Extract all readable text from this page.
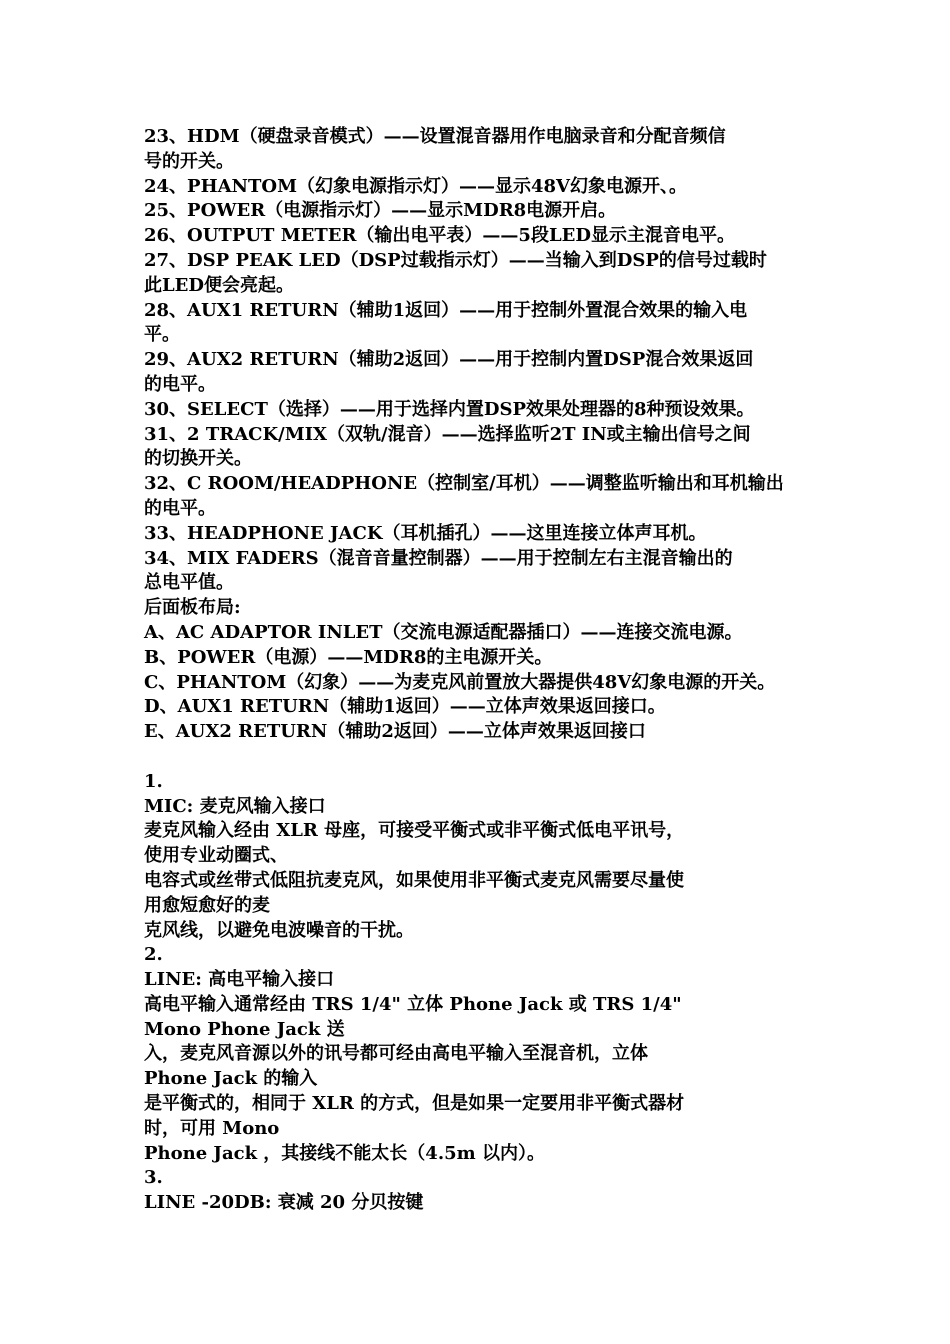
23、HDM（硬盘录音模式）——设置混音器用作电脑录音和分配音频信
号的开关。
24、PHANTOM（幻象电源指示灯）——显示48V幻象电源开、。
25、POWER（电源指示灯）——显示MDR8电源开启。
26、OUTPUT METER（输出电平表）——5段LED显示主混音电平。
27、DSP PEAK LED（DSP过载指示灯）——当输入到DSP的信号过载时
此LED便会亮起。
28、AUX1 RETURN（辅助1返回）——用于控制外置混合效果的输入电
平。
29、AUX2 RETURN（辅助2返回）——用于控制内置DSP混合效果返回
的电平。
30、SELECT（选择）——用于选择内置DSP效果处理器的8种预设效果。
31、2 TRACK/MIX（双轨/混音）——选择监听2T IN或主输出信号之间
的切换开关。
32、C ROOM/HEADPHONE（控制室/耳机）——调整监听输出和耳机输出
的电平。
33、HEADPHONE JACK（耳机插孔）——这里连接立体声耳机。
34、MIX FADERS（混音音量控制器）——用于控制左右主混音输出的
总电平值。
后面板布局:
A、AC ADAPTOR INLET（交流电源适配器插口）——连接交流电源。
B、POWER（电源）——MDR8的主电源开关。
C、PHANTOM（幻象）——为麦克风前置放大器提供48V幻象电源的开关。
D、AUX1 RETURN（辅助1返回）——立体声效果返回接口。
E、AUX2 RETURN（辅助2返回）——立体声效果返回接口
1.
MIC: 麦克风输入接口
麦克风输入经由 XLR 母座，可接受平衡式或非平衡式低电平讯号，
使用专业动圈式、
电容式或丝带式低阻抗麦克风，如果使用非平衡式麦克风需要尽量使
用愈短愈好的麦
克风线，以避免电波噪音的干扰。
2.
LINE: 高电平输入接口
高电平输入通常经由 TRS 1/4" 立体 Phone Jack 或 TRS 1/4"
Mono Phone Jack 送
入，麦克风音源以外的讯号都可经由高电平输入至混音机，立体
Phone Jack 的输入
是平衡式的，相同于 XLR 的方式，但是如果一定要用非平衡式器材
时，可用 Mono
Phone Jack ，其接线不能太长（4.5m 以内）。
3.
LINE -20DB: 衰减 20 分贝按键
